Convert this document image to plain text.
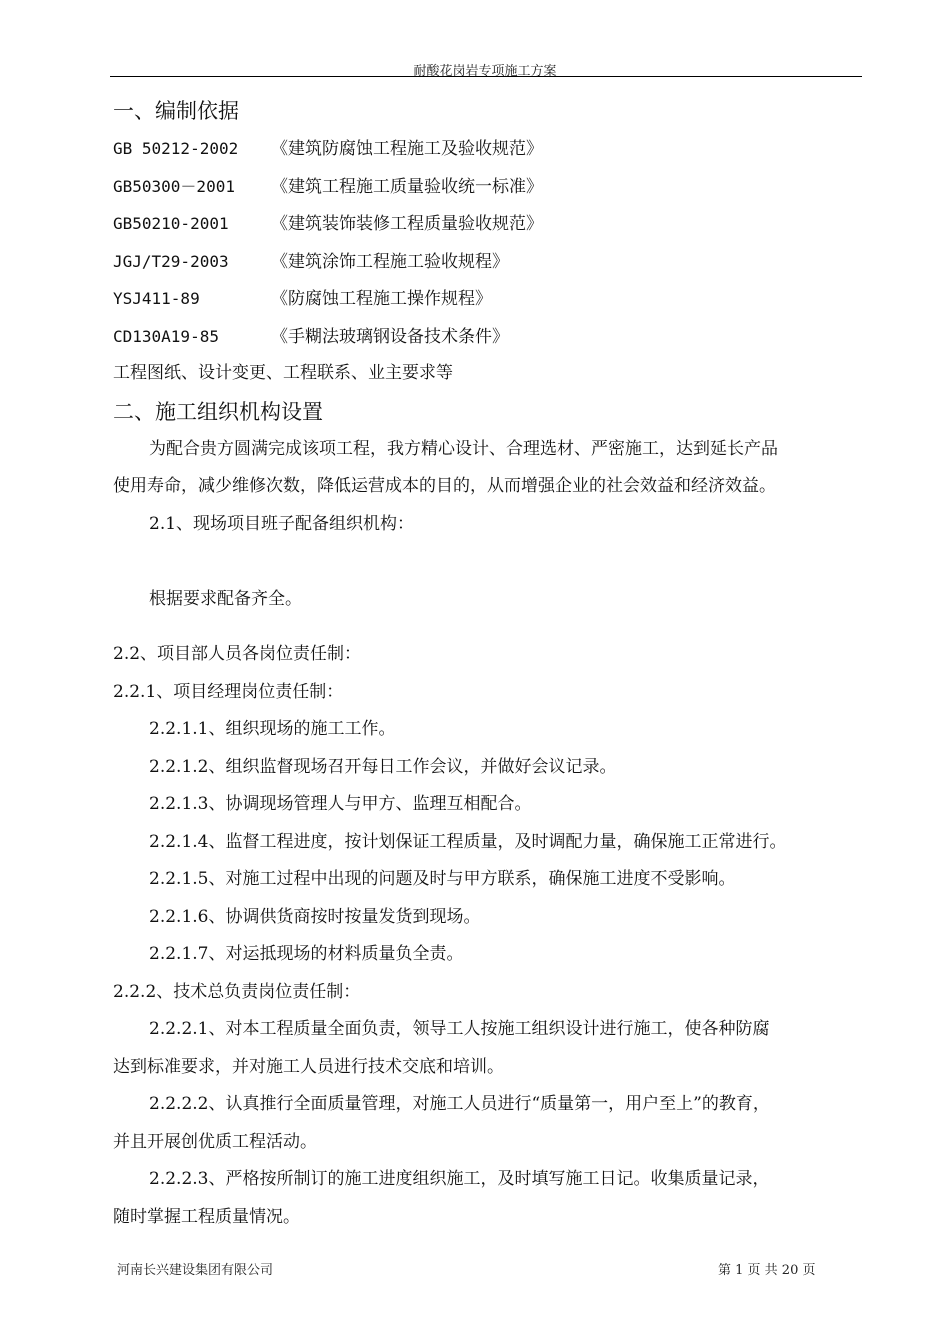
耐酸花岗岩专项施工方案
一、编制依据
GB 50212-2002 《建筑防腐蚀工程施工及验收规范》
GB50300－2001 《建筑工程施工质量验收统一标准》
GB50210-2001 《建筑装饰装修工程质量验收规范》
JGJ/T29-2003 《建筑涂饰工程施工验收规程》
YSJ411-89	《防腐蚀工程施工操作规程》
CD130A19-85	《手糊法玻璃钢设备技术条件》
工程图纸、设计变更、工程联系、业主要求等
二、施工组织机构设置
为配合贵方圆满完成该项工程，我方精心设计、合理选材、严密施工，达到延长产品
使用寿命，减少维修次数，降低运营成本的目的，从而增强企业的社会效益和经济效益。
2.1、现场项目班子配备组织机构：
根据要求配备齐全。
2.2、项目部人员各岗位责任制：
2.2.1、项目经理岗位责任制：
2.2.1.1、组织现场的施工工作。
2.2.1.2、组织监督现场召开每日工作会议，并做好会议记录。
2.2.1.3、协调现场管理人与甲方、监理互相配合。
2.2.1.4、监督工程进度，按计划保证工程质量，及时调配力量，确保施工正常进行。
2.2.1.5、对施工过程中出现的问题及时与甲方联系，确保施工进度不受影响。
2.2.1.6、协调供货商按时按量发货到现场。
2.2.1.7、对运抵现场的材料质量负全责。
2.2.2、技术总负责岗位责任制：
2.2.2.1、对本工程质量全面负责，领导工人按施工组织设计进行施工，使各种防腐
达到标准要求，并对施工人员进行技术交底和培训。
2.2.2.2、认真推行全面质量管理，对施工人员进行“质量第一，用户至上”的教育，
并且开展创优质工程活动。
2.2.2.3、严格按所制订的施工进度组织施工，及时填写施工日记。收集质量记录，
随时掌握工程质量情况。
河南长兴建设集团有限公司	第 1 页 共 20 页
